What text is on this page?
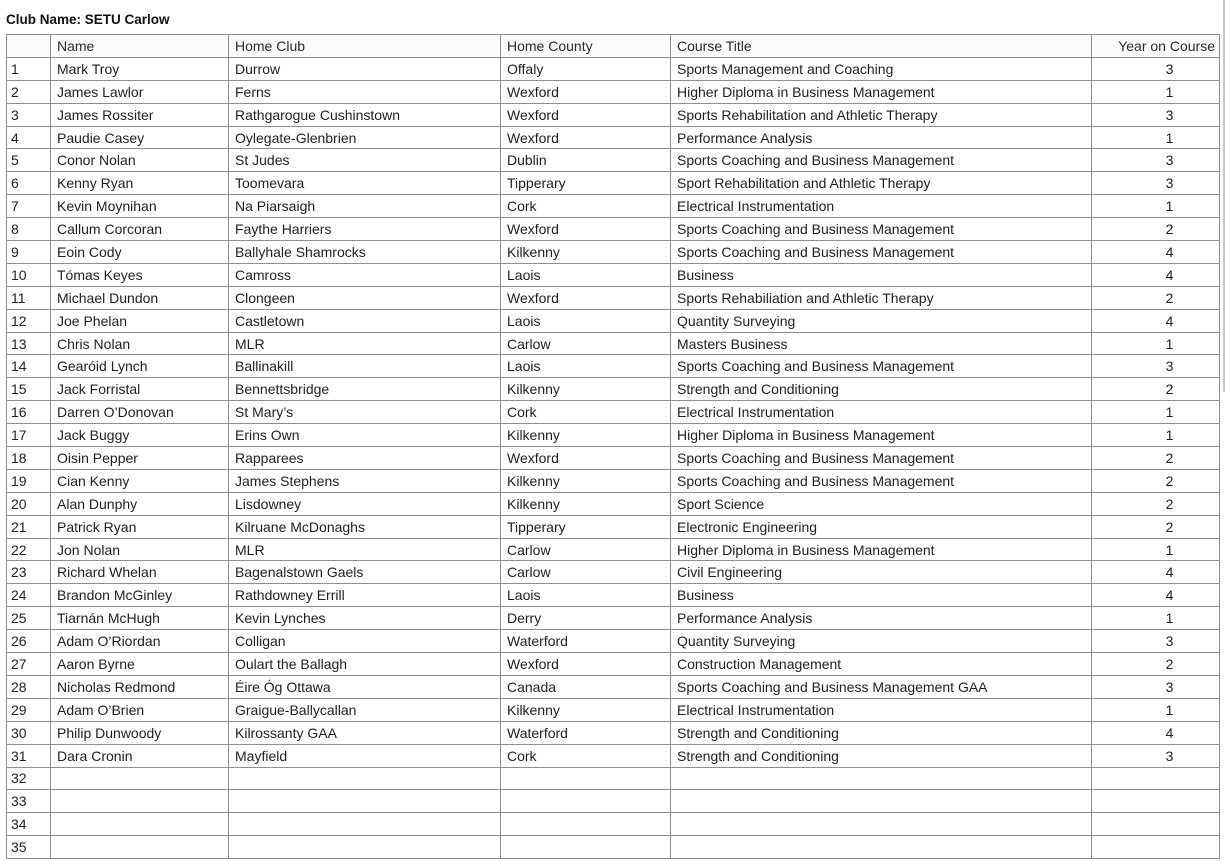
Club Name: SETU Carlow
	Name	Home Club	Home County	Course Title	Year on Course
1	Mark Troy	Durrow	Offaly	Sports Management and Coaching	3
2	James Lawlor	Ferns	Wexford	Higher Diploma in Business Management	1
3	James Rossiter	Rathgarogue Cushinstown	Wexford	Sports Rehabilitation and Athletic Therapy	3
4	Paudie Casey	Oylegate-Glenbrien	Wexford	Performance Analysis	1
5	Conor Nolan	St Judes	Dublin	Sports Coaching and Business Management	3
6	Kenny Ryan	Toomevara	Tipperary	Sport Rehabilitation and Athletic Therapy	3
7	Kevin Moynihan	Na Piarsaigh	Cork	Electrical Instrumentation	1
8	Callum Corcoran	Faythe Harriers	Wexford	Sports Coaching and Business Management	2
9	Eoin Cody	Ballyhale Shamrocks	Kilkenny	Sports Coaching and Business Management	4
10	Tómas Keyes	Camross	Laois	Business	4
11	Michael Dundon	Clongeen	Wexford	Sports Rehabiliation and Athletic Therapy	2
12	Joe Phelan	Castletown	Laois	Quantity Surveying	4
13	Chris Nolan	MLR	Carlow	Masters Business	1
14	Gearóid Lynch	Ballinakill	Laois	Sports Coaching and Business Management	3
15	Jack Forristal	Bennettsbridge	Kilkenny	Strength and Conditioning	2
16	Darren O’Donovan	St Mary’s	Cork	Electrical Instrumentation	1
17	Jack Buggy	Erins Own	Kilkenny	Higher Diploma in Business Management	1
18	Oisin Pepper	Rapparees	Wexford	Sports Coaching and Business Management	2
19	Cian Kenny	James Stephens	Kilkenny	Sports Coaching and Business Management	2
20	Alan Dunphy	Lisdowney	Kilkenny	Sport Science	2
21	Patrick Ryan	Kilruane McDonaghs	Tipperary	Electronic Engineering	2
22	Jon Nolan	MLR	Carlow	Higher Diploma in Business Management	1
23	Richard Whelan	Bagenalstown Gaels	Carlow	Civil Engineering	4
24	Brandon McGinley	Rathdowney Errill	Laois	Business	4
25	Tiarnán McHugh	Kevin Lynches	Derry	Performance Analysis	1
26	Adam O’Riordan	Colligan	Waterford	Quantity Surveying	3
27	Aaron Byrne	Oulart the Ballagh	Wexford	Construction Management	2
28	Nicholas Redmond	Éire Óg Ottawa	Canada	Sports Coaching and Business Management GAA	3
29	Adam O’Brien	Graigue-Ballycallan	Kilkenny	Electrical Instrumentation	1
30	Philip Dunwoody	Kilrossanty GAA	Waterford	Strength and Conditioning	4
31	Dara Cronin	Mayfield	Cork	Strength and Conditioning	3
32					
33					
34					
35					
